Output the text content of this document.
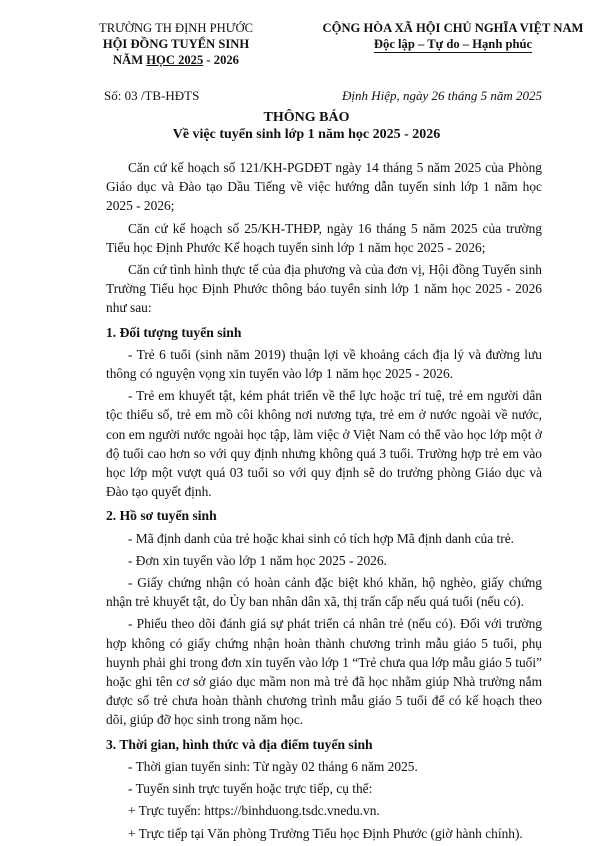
TRƯỜNG TH ĐỊNH PHƯỚC
HỘI ĐỒNG TUYỂN SINH
NĂM HỌC 2025 - 2026
CỘNG HÒA XÃ HỘI CHỦ NGHĨA VIỆT NAM
Độc lập – Tự do – Hạnh phúc
Số: 03 /TB-HĐTS	Định Hiệp, ngày 26 tháng 5 năm 2025
THÔNG BÁO
Về việc tuyển sinh lớp 1 năm học 2025 - 2026

Căn cứ kế hoạch số 121/KH-PGDĐT ngày 14 tháng 5 năm 2025 của Phòng Giáo dục và Đào tạo Dầu Tiếng về việc hướng dẫn tuyển sinh lớp 1 năm học 2025 - 2026;

Căn cứ kế hoạch số 25/KH-THĐP, ngày 16 tháng 5 năm 2025 của trường Tiểu học Định Phước Kế hoạch tuyển sinh lớp 1 năm học 2025 - 2026;

Căn cứ tình hình thực tế của địa phương và của đơn vị, Hội đồng Tuyển sinh Trường Tiểu học Định Phước thông báo tuyển sinh lớp 1 năm học 2025 - 2026 như sau:

1. Đối tượng tuyển sinh

- Trẻ 6 tuổi (sinh năm 2019) thuận lợi về khoảng cách địa lý và đường lưu thông có nguyện vọng xin tuyển vào lớp 1 năm học 2025 - 2026.

- Trẻ em khuyết tật, kém phát triển về thể lực hoặc trí tuệ, trẻ em người dân tộc thiểu số, trẻ em mồ côi không nơi nương tựa, trẻ em ở nước ngoài về nước, con em người nước ngoài học tập, làm việc ở Việt Nam có thể vào học lớp một ở độ tuổi cao hơn so với quy định nhưng không quá 3 tuổi. Trường hợp trẻ em vào học lớp một vượt quá 03 tuổi so với quy định sẽ do trưởng phòng Giáo dục và Đào tạo quyết định.

2. Hồ sơ tuyển sinh

- Mã định danh của trẻ hoặc khai sinh có tích hợp Mã định danh của trẻ.

- Đơn xin tuyển vào lớp 1 năm học 2025 - 2026.

- Giấy chứng nhận có hoàn cảnh đặc biệt khó khăn, hộ nghèo, giấy chứng nhận trẻ khuyết tật, do Ủy ban nhân dân xã, thị trấn cấp nếu quá tuổi (nếu có).

- Phiếu theo dõi đánh giá sự phát triển cá nhân trẻ (nếu có). Đối với trường hợp không có giấy chứng nhận hoàn thành chương trình mẫu giáo 5 tuổi, phụ huynh phải ghi trong đơn xin tuyển vào lớp 1 “Trẻ chưa qua lớp mẫu giáo 5 tuổi” hoặc ghi tên cơ sở giáo dục mầm non mà trẻ đã học nhằm giúp Nhà trường nắm được số trẻ chưa hoàn thành chương trình mẫu giáo 5 tuổi để có kế hoạch theo dõi, giúp đỡ học sinh trong năm học.

3. Thời gian, hình thức và địa điểm tuyển sinh

- Thời gian tuyển sinh: Từ ngày 02 tháng 6 năm 2025.

- Tuyển sinh trực tuyến hoặc trực tiếp, cụ thể:

+ Trực tuyến: https://binhduong.tsdc.vnedu.vn.

+ Trực tiếp tại Văn phòng Trường Tiểu học Định Phước (giờ hành chính).
